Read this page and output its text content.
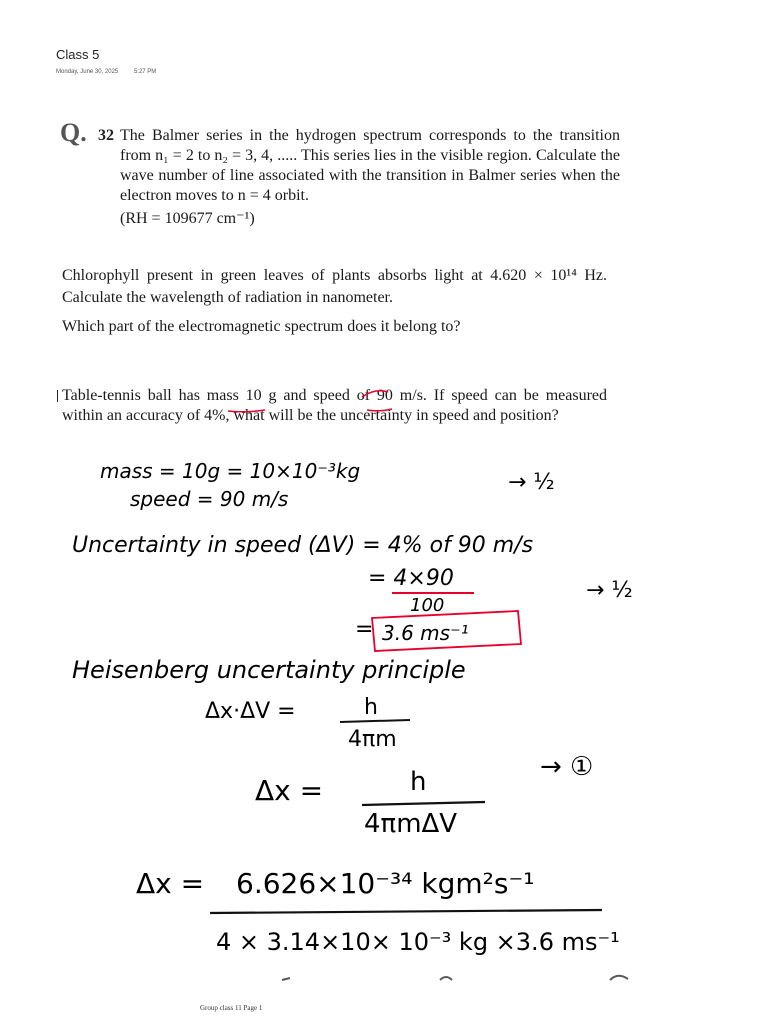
Class 5
Monday, June 30, 2025	5:27 PM
Q. 32 The Balmer series in the hydrogen spectrum corresponds to the transition from n₁ = 2 to n₂ = 3, 4, ..... This series lies in the visible region. Calculate the wave number of line associated with the transition in Balmer series when the electron moves to n = 4 orbit.
(RH = 109677 cm⁻¹)
Chlorophyll present in green leaves of plants absorbs light at 4.620 × 10¹⁴ Hz. Calculate the wavelength of radiation in nanometer.
Which part of the electromagnetic spectrum does it belong to?
Table-tennis ball has mass 10 g and speed of 90 m/s. If speed can be measured within an accuracy of 4%, what will be the uncertainty in speed and position?
mass = 10g = 10×10⁻³kg
speed = 90 m/s
→ ½
Uncertainty in speed (ΔV) = 4% of 90 m/s
= 4×90
100
→ ½
= 3.6 ms⁻¹
Heisenberg uncertainty principle
Δx·ΔV =	h
4πm
Δx =	h
4πmΔV
→ ①
Δx = 6.626×10⁻³⁴ kgm²s⁻¹
4 × 3.14×10× 10⁻³ kg ×3.6 ms⁻¹
Group class 11 Page 1
